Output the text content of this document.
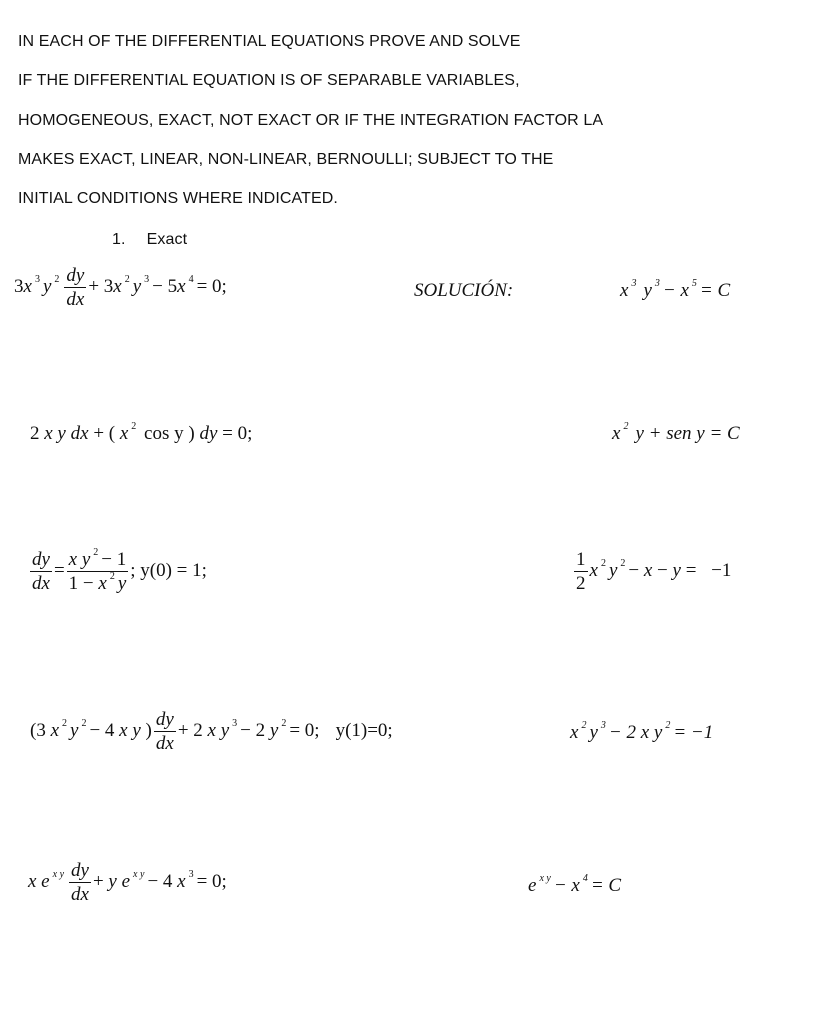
IN EACH OF THE DIFFERENTIAL EQUATIONS PROVE AND SOLVE
IF THE DIFFERENTIAL EQUATION IS OF SEPARABLE VARIABLES,
HOMOGENEOUS, EXACT, NOT EXACT OR IF THE INTEGRATION FACTOR LA
MAKES EXACT, LINEAR, NON-LINEAR, BERNOULLI; SUBJECT TO THE
INITIAL CONDITIONS WHERE INDICATED.
1. Exact
3x $^3$ y $^2 \frac{dy}{dx} + 3x$ $^2$ y $^3$ − 5x $^4$ = 0;	SOLUCIÓN:	x $^3$ y $^3$ − x $^5$ = C
2 x y dx + ( x $^2$ cos y ) dy = 0;	x $^2$ y + sen y = C
$\frac{dy}{dx} = \frac{x y ^2 - 1}{1 - x ^2 y}$ ; y(0) = 1;	$\frac{1}{2}$ x $^2$ y $^2$ − x − y = −1
(3 x $^2$ y $^2$ − 4 x y ) $\frac{dy}{dx} + 2$ x y $^3$ − 2 y $^2$ = 0; y(1)=0;	x $^2$ y $^3$ − 2 x y $^2$ = −1
x e $^{x y} \frac{dy}{dx} + y$ e $^{x y}$ − 4 x $^3$ = 0;	e $^{x y}$ − x $^4$ = C
